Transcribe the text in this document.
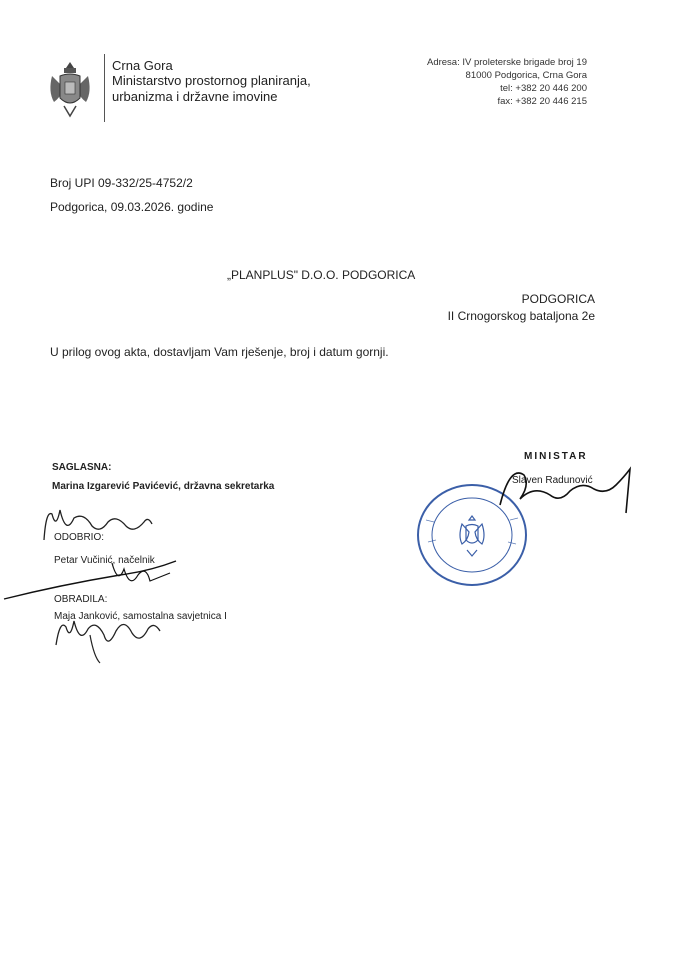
Crna Gora
Ministarstvo prostornog planiranja,
urbanizma i državne imovine
Adresa: IV proleterske brigade broj 19
81000 Podgorica, Crna Gora
tel: +382 20 446 200
fax: +382 20 446 215
Broj UPI 09-332/25-4752/2
Podgorica, 09.03.2026. godine
„PLANPLUS" D.O.O. PODGORICA
PODGORICA
II Crnogorskog bataljona 2e
U prilog ovog akta, dostavljam Vam rješenje, broj i datum gornji.
MINISTAR
Slaven Radunović
SAGLASNA:
Marina Izgarević Pavićević, državna sekretarka
ODOBRIO:
Petar Vučinić, načelnik
OBRADILA:
Maja Janković, samostalna savjetnica I
